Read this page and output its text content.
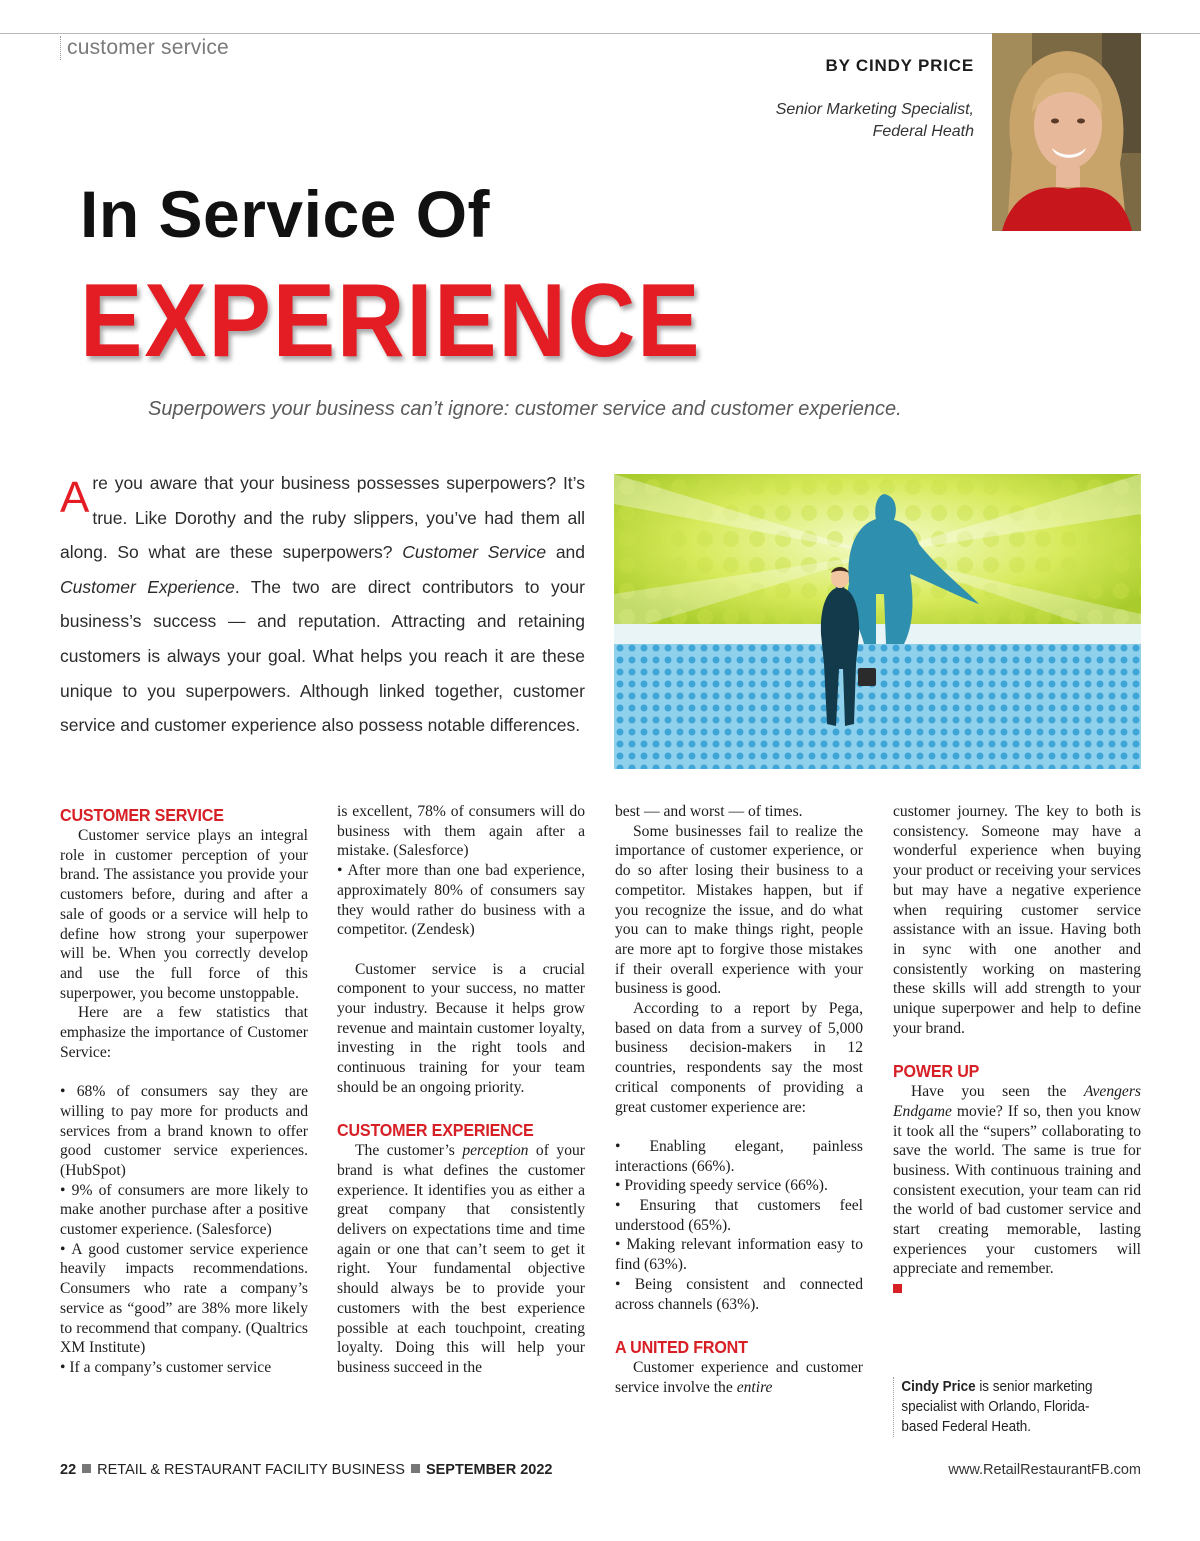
customer service
BY CINDY PRICE
Senior Marketing Specialist,
Federal Heath
In Service Of
EXPERIENCE
Superpowers your business can’t ignore: customer service and customer experience.
Are you aware that your business possesses superpowers? It’s true. Like Dorothy and the ruby slippers, you’ve had them all along. So what are these superpowers? Customer Service and Customer Experience. The two are direct contributors to your business’s success — and reputation. Attracting and retaining customers is always your goal. What helps you reach it are these unique to you superpowers. Although linked together, customer service and customer experience also possess notable differences.
CUSTOMER SERVICE

Customer service plays an integral role in customer perception of your brand. The assistance you provide your customers before, during and after a sale of goods or a service will help to define how strong your superpower will be. When you correctly develop and use the full force of this superpower, you become unstoppable.

Here are a few statistics that emphasize the importance of Customer Service:

• 68% of consumers say they are willing to pay more for products and services from a brand known to offer good customer service experiences. (HubSpot)

• 9% of consumers are more likely to make another purchase after a positive customer experience. (Salesforce)

• A good customer service experience heavily impacts recommendations. Consumers who rate a company’s service as “good” are 38% more likely to recommend that company. (Qualtrics XM Institute)

• If a company’s customer service

is excellent, 78% of consumers will do business with them again after a mistake. (Salesforce)

• After more than one bad experience, approximately 80% of consumers say they would rather do business with a competitor. (Zendesk)

Customer service is a crucial component to your success, no matter your industry. Because it helps grow revenue and maintain customer loyalty, investing in the right tools and continuous training for your team should be an ongoing priority.

CUSTOMER EXPERIENCE

The customer’s perception of your brand is what defines the customer experience. It identifies you as either a great company that consistently delivers on expectations time and time again or one that can’t seem to get it right. Your fundamental objective should always be to provide your customers with the best experience possible at each touchpoint, creating loyalty. Doing this will help your business succeed in the

best — and worst — of times.

Some businesses fail to realize the importance of customer experience, or do so after losing their business to a competitor. Mistakes happen, but if you recognize the issue, and do what you can to make things right, people are more apt to forgive those mistakes if their overall experience with your business is good.

According to a report by Pega, based on data from a survey of 5,000 business decision-makers in 12 countries, respondents say the most critical components of providing a great customer experience are:

• Enabling elegant, painless interactions (66%).

• Providing speedy service (66%).

• Ensuring that customers feel understood (65%).

• Making relevant information easy to find (63%).

• Being consistent and connected across channels (63%).

A UNITED FRONT

Customer experience and customer service involve the entire

customer journey. The key to both is consistency. Someone may have a wonderful experience when buying your product or receiving your services but may have a negative experience when requiring customer service assistance with an issue. Having both in sync with one another and consistently working on mastering these skills will add strength to your unique superpower and help to define your brand.

POWER UP

Have you seen the Avengers Endgame movie? If so, then you know it took all the “supers” collaborating to save the world. The same is true for business. With continuous training and consistent execution, your team can rid the world of bad customer service and start creating memorable, lasting experiences your customers will appreciate and remember.

Cindy Price is senior marketing specialist with Orlando, Florida-based Federal Heath.
22 RETAIL & RESTAURANT FACILITY BUSINESS SEPTEMBER 2022	www.RetailRestaurantFB.com
